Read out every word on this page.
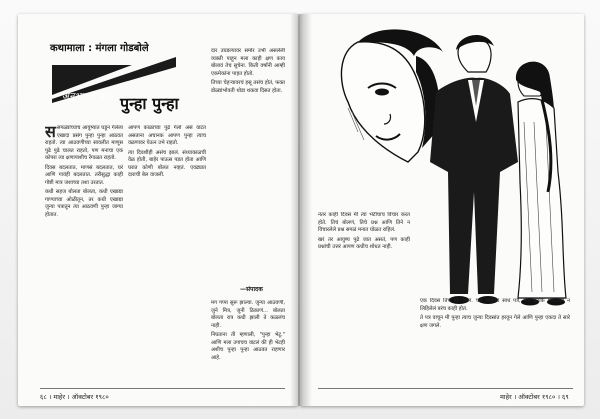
कथामाला : मंगला गोडबोले
अनुभवाचे बोल पुन्हा पुन्हा

ससगळ्यांच्याच आयुष्यात घडून गेलेला एखादा प्रसंग पुन्हा पुन्हा आठवत राहतो. त्या आठवणीच्या सावलीत माणूस पुढे पुढे चालत राहतो, पण मनाचा एक कोपरा त्या क्षणापाशीच रेंगाळत राहतो.

दिवस बदलतात, माणसं बदलतात, घरं आणि गावंही बदलतात. तरीसुद्धा काही गोष्टी मात्र जशाच्या तशा उरतात.

कधी सहज बोलता बोलता, कधी एखाद्या गाण्याच्या ओळीतून, तर कधी एखाद्या जुन्या पत्रातून त्या आठवणी पुन्हा जाग्या होतात.

आपण काळाच्या पुढे गेलो असं वाटत असताना अचानक आपण पुन्हा त्याच वळणावर येऊन उभे राहतो.

त्या दिवशीही असंच झालं. संध्याकाळची वेळ होती, बाहेर पाऊस पडत होता आणि घरात कोणी बोलत नव्हतं. एवढ्यात दाराची बेल वाजली.

दार उघडल्यावर समोर उभी असलेली व्यक्ती पाहून मला काही क्षण काय बोलावं तेच सुचेना. किती वर्षांनी आम्ही एकमेकांना पाहत होतो.

तिच्या चेहऱ्यावरचं हसू तसंच होतं, फक्त डोळ्यांभोवती थोडा थकवा दिसत होता.

—संपादक

मग गप्पा सुरू झाल्या. जुन्या आठवणी, जुने मित्र, जुनी ठिकाणं... बोलता बोलता रात्र कधी झाली ते कळलंच नाही.

निघताना ती म्हणाली, "पुन्हा भेटू." आणि मला उगाचच वाटलं की ही भेटही अशीच पुन्हा पुन्हा आठवत राहणार आहे.

६८ । माहेर । ऑक्टोबर १९८०

नंतर काही दिवस मी त्या भेटीचाच विचार करत होते. तिचं बोलणं, तिचे प्रश्न आणि तिने न विचारलेले प्रश्न सगळं मनात घोळत राहिलं.

खरं तर आयुष्य पुढे जात असतं, पण काही प्रश्नांची उत्तरं आपण कधीच शोधत नाही.

एक दिवस तिचं पत्र आलं. चार ओळींचं साधं पत्र, पण प्रत्येक शब्दामागे न लिहिलेलं बरंच काही होतं.

ते पत्र वाचून मी पुन्हा त्याच जुन्या दिवसांत हरवून गेले आणि पुन्हा एकदा ते सारे क्षण जगले.

माहेर । ऑक्टोबर १९८० । ६९
